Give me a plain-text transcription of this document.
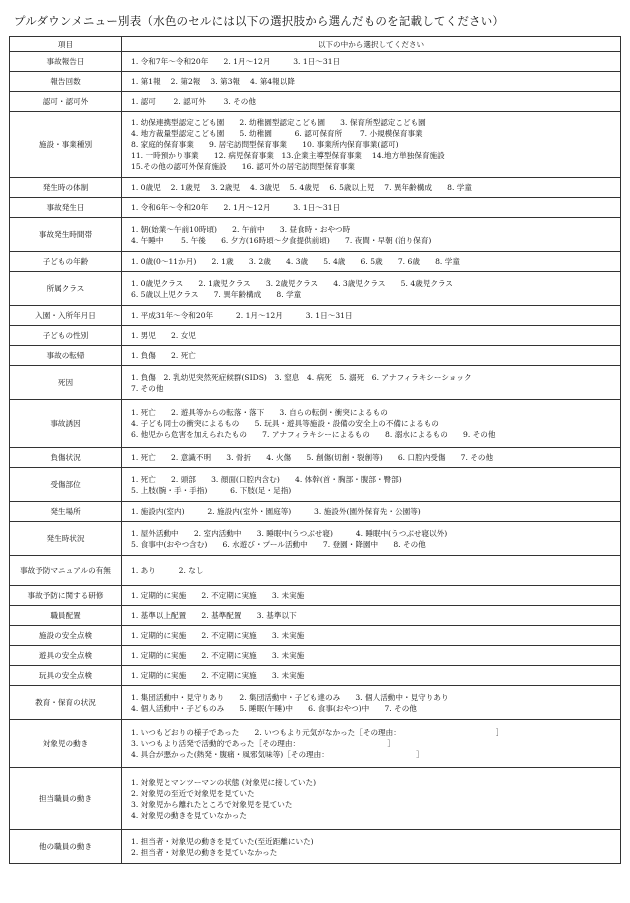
プルダウンメニュー別表（水色のセルには以下の選択肢から選んだものを記載してください）
項目	以下の中から選択してください
事故報告日	1. 令和7年～令和20年　　2. 1月～12月　　　3. 1日～31日

報告回数	1. 第1報　 2. 第2報　 3. 第3報　 4. 第4報以降

認可・認可外	1. 認可　　 2. 認可外　　 3. その他

施設・事業種別	1. 幼保連携型認定こども園　　2. 幼稚園型認定こども園　　3. 保育所型認定こども園
4. 地方裁量型認定こども園　　5. 幼稚園　　　6. 認可保育所　　 7. 小規模保育事業
8. 家庭的保育事業　　9. 居宅訪問型保育事業　　10. 事業所内保育事業(認可)
11. 一時預かり事業　　12. 病児保育事業　13.企業主導型保育事業　 14.地方単独保育施設
15.その他の認可外保育施設　　16. 認可外の居宅訪問型保育事業

発生時の体制	1. 0歳児　 2. 1歳児　 3. 2歳児　 4. 3歳児　 5. 4歳児　 6. 5歳以上児　 7. 異年齢構成　　8. 学童

事故発生日	1. 令和6年～令和20年　　2. 1月～12月　　　3. 1日～31日

事故発生時間帯	1. 朝(始業～午前10時頃)　　2. 午前中　　3. 昼食時・おやつ時
4. 午睡中　　 5. 午後　　6. 夕方(16時頃～夕食提供前頃)　　7. 夜間・早朝 (泊り保育)

子どもの年齢	1. 0歳(0～11か月)　　2. 1歳　　3. 2歳　　4. 3歳　　5. 4歳　　6. 5歳　　7. 6歳　　8. 学童

所属クラス	1. 0歳児クラス　　2. 1歳児クラス　　3. 2歳児クラス　　4. 3歳児クラス　　5. 4歳児クラス
6. 5歳以上児クラス　　7. 異年齢構成　　8. 学童

入園・入所年月日	1. 平成31年～令和20年　　　2. 1月～12月　　　3. 1日～31日

子どもの性別	1. 男児　　2. 女児

事故の転帰	1. 負傷　　2. 死亡

死因	1. 負傷　2. 乳幼児突然死症候群(SIDS)　3. 窒息　4. 病死　5. 溺死　6. アナフィラキシーショック
7. その他

事故誘因	1. 死亡　　2. 遊具等からの転落・落下　　3. 自らの転倒・衝突によるもの
4. 子ども同士の衝突によるもの　　5. 玩具・遊具等施設・設備の安全上の不備によるもの
6. 他児から危害を加えられたもの　　7. アナフィラキシーによるもの　　8. 溺水によるもの　　9. その他

負傷状況	1. 死亡　　2. 意識不明　　3. 骨折　　4. 火傷　　5. 創傷(切創・裂創等)　　6. 口腔内受傷　　7. その他

受傷部位	1. 死亡　　2. 頭部　　3. 顔面(口腔内含む)　　4. 体幹(首・胸部・腹部・臀部)
5. 上肢(腕・手・手指)　　　6. 下肢(足・足指)

発生場所	1. 施設内(室内)　　　2. 施設内(室外・園庭等)　　　3. 施設外(園外保育先・公園等)

発生時状況	1. 屋外活動中　　2. 室内活動中　　3. 睡眠中(うつぶせ寝)　　　4. 睡眠中(うつぶせ寝以外)
5. 食事中(おやつ含む)　　6. 水遊び・プール活動中　　7. 登園・降園中　　8. その他

事故予防マニュアルの有無	1. あり　　　2. なし

事故予防に関する研修	1. 定期的に実施　　2. 不定期に実施　　3. 未実施

職員配置	1. 基準以上配置　　2. 基準配置　　3. 基準以下

施設の安全点検	1. 定期的に実施　　2. 不定期に実施　　3. 未実施

遊具の安全点検	1. 定期的に実施　　2. 不定期に実施　　3. 未実施

玩具の安全点検	1. 定期的に実施　　2. 不定期に実施　　3. 未実施

教育・保育の状況	1. 集団活動中・見守りあり　　2. 集団活動中・子ども達のみ　　3. 個人活動中・見守りあり
4. 個人活動中・子どものみ　　5. 睡眠(午睡)中　　6. 食事(おやつ)中　　7. その他

対象児の動き	1. いつもどおりの様子であった　　2. いつもより元気がなかった［その理由：　　　　　　　　　　　　　］
3. いつもより活発で活動的であった［その理由：　　　　　　　　　　　　］
4. 具合が悪かった(熱発・腹痛・風邪気味等)［その理由：　　　　　　　　　　　　］

担当職員の動き	1. 対象児とマンツーマンの状態 (対象児に接していた)
2. 対象児の至近で対象児を見ていた
3. 対象児から離れたところで対象児を見ていた
4. 対象児の動きを見ていなかった

他の職員の動き	1. 担当者・対象児の動きを見ていた(至近距離にいた)
2. 担当者・対象児の動きを見ていなかった
